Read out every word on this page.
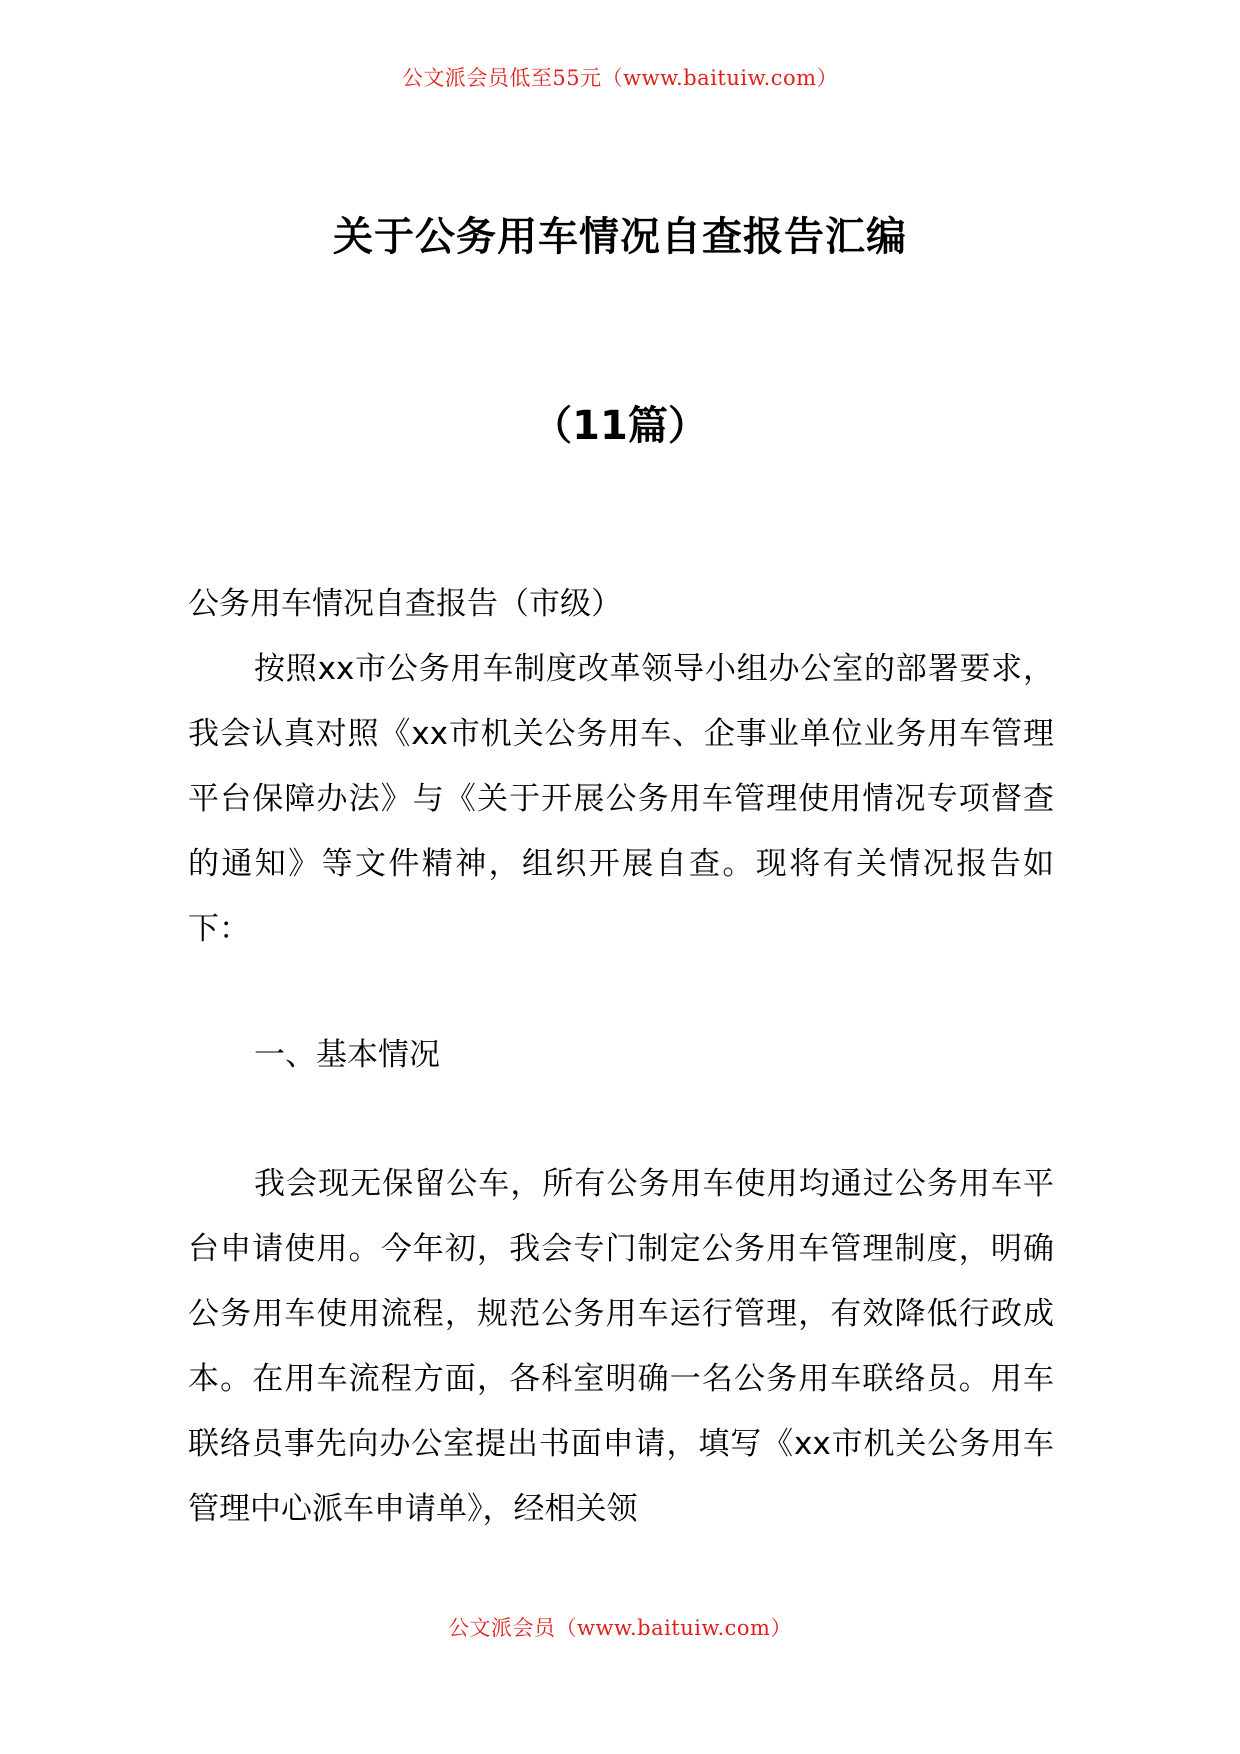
公文派会员低至55元（www.baituiw.com）
关于公务用车情况自查报告汇编
（11篇）
公务用车情况自查报告（市级）
按照xx市公务用车制度改革领导小组办公室的部署要求，我会认真对照《xx市机关公务用车、企事业单位业务用车管理平台保障办法》与《关于开展公务用车管理使用情况专项督查的通知》等文件精神，组织开展自查。现将有关情况报告如下：
一、基本情况
我会现无保留公车，所有公务用车使用均通过公务用车平台申请使用。今年初，我会专门制定公务用车管理制度，明确公务用车使用流程，规范公务用车运行管理，有效降低行政成本。在用车流程方面，各科室明确一名公务用车联络员。用车联络员事先向办公室提出书面申请，填写《xx市机关公务用车管理中心派车申请单》，经相关领
公文派会员（www.baituiw.com）
